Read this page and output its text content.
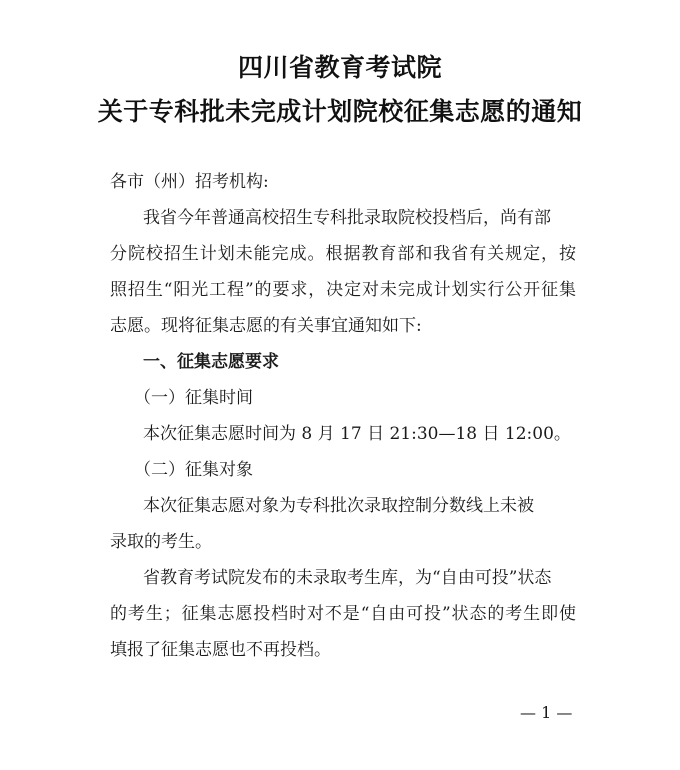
四川省教育考试院
关于专科批未完成计划院校征集志愿的通知
各市（州）招考机构:
我省今年普通高校招生专科批录取院校投档后，尚有部
分院校招生计划未能完成。根据教育部和我省有关规定，按
照招生“阳光工程”的要求，决定对未完成计划实行公开征集
志愿。现将征集志愿的有关事宜通知如下:
一、征集志愿要求
（一）征集时间
本次征集志愿时间为 8 月 17 日 21:30—18 日 12:00。
（二）征集对象
本次征集志愿对象为专科批次录取控制分数线上未被
录取的考生。
省教育考试院发布的未录取考生库，为“自由可投”状态
的考生；征集志愿投档时对不是“自由可投”状态的考生即使
填报了征集志愿也不再投档。
— 1 —
